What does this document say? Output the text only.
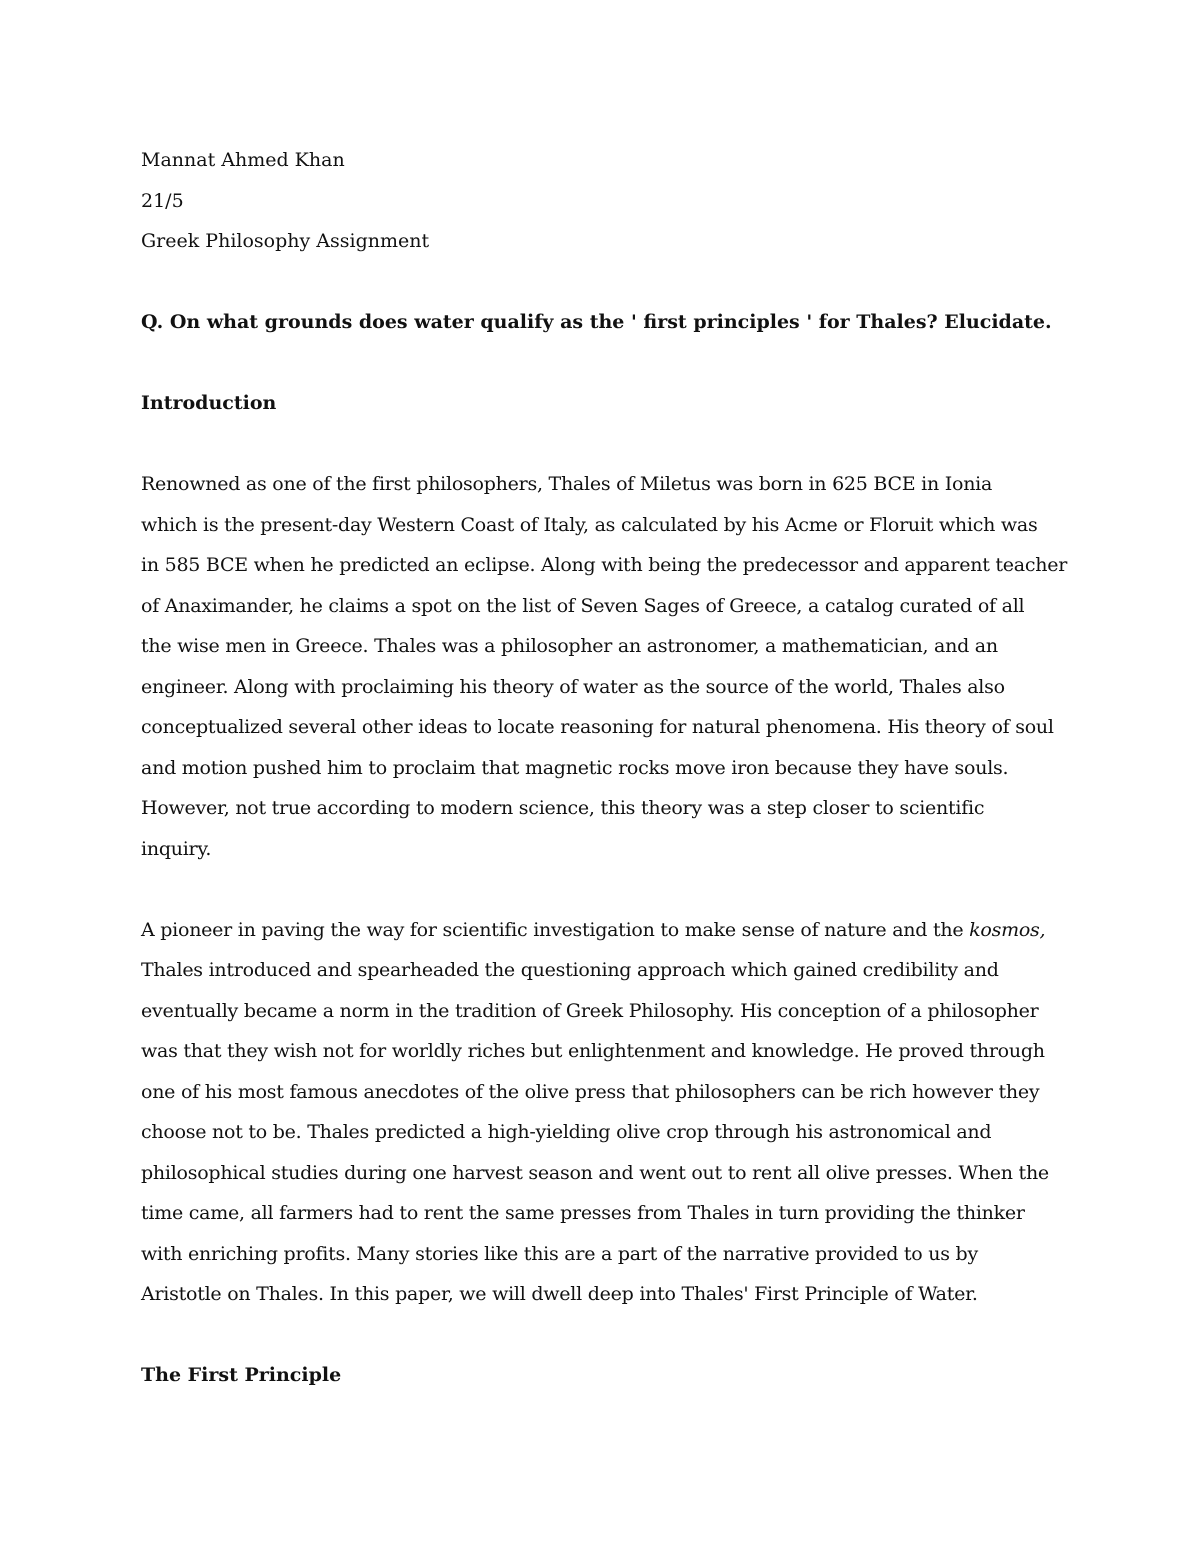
Mannat Ahmed Khan
21/5
Greek Philosophy Assignment
Q. On what grounds does water qualify as the ' first principles ' for Thales? Elucidate.
Introduction
Renowned as one of the first philosophers, Thales of Miletus was born in 625 BCE in Ionia
which is the present-day Western Coast of Italy, as calculated by his Acme or Floruit which was
in 585 BCE when he predicted an eclipse. Along with being the predecessor and apparent teacher
of Anaximander, he claims a spot on the list of Seven Sages of Greece, a catalog curated of all
the wise men in Greece. Thales was a philosopher an astronomer, a mathematician, and an
engineer. Along with proclaiming his theory of water as the source of the world, Thales also
conceptualized several other ideas to locate reasoning for natural phenomena. His theory of soul
and motion pushed him to proclaim that magnetic rocks move iron because they have souls.
However, not true according to modern science, this theory was a step closer to scientific
inquiry.
A pioneer in paving the way for scientific investigation to make sense of nature and the kosmos,
Thales introduced and spearheaded the questioning approach which gained credibility and
eventually became a norm in the tradition of Greek Philosophy. His conception of a philosopher
was that they wish not for worldly riches but enlightenment and knowledge. He proved through
one of his most famous anecdotes of the olive press that philosophers can be rich however they
choose not to be. Thales predicted a high-yielding olive crop through his astronomical and
philosophical studies during one harvest season and went out to rent all olive presses. When the
time came, all farmers had to rent the same presses from Thales in turn providing the thinker
with enriching profits. Many stories like this are a part of the narrative provided to us by
Aristotle on Thales. In this paper, we will dwell deep into Thales' First Principle of Water.
The First Principle
